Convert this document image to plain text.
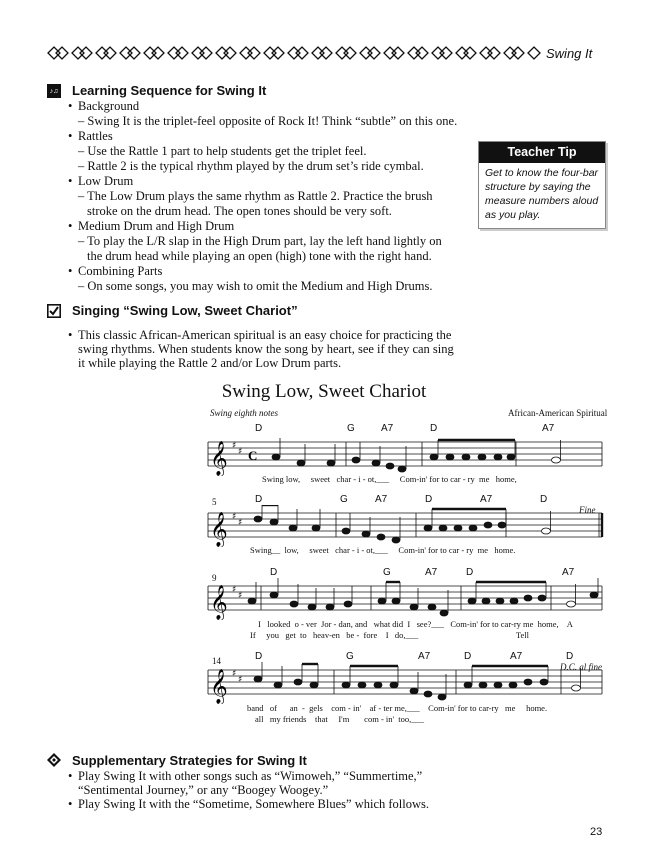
Swing It
♪♫ Learning Sequence for Swing It
• Background
– Swing It is the triplet-feel opposite of Rock It! Think “subtle” on this one.
• Rattles
– Use the Rattle 1 part to help students get the triplet feel.
– Rattle 2 is the typical rhythm played by the drum set’s ride cymbal.
• Low Drum
– The Low Drum plays the same rhythm as Rattle 2. Practice the brush
stroke on the drum head. The open tones should be very soft.
• Medium Drum and High Drum
– To play the L/R slap in the High Drum part, lay the left hand lightly on
the drum head while playing an open (high) tone with the right hand.
• Combining Parts
– On some songs, you may wish to omit the Medium and High Drums.
Teacher Tip
Get to know the four-bar
structure by saying the
measure numbers aloud
as you play.
Singing “Swing Low, Sweet Chariot”
• This classic African-American spiritual is an easy choice for practicing the
swing rhythms. When students know the song by heart, see if they can sing
it while playing the Rattle 2 and/or Low Drum parts.
Swing Low, Sweet Chariot
Swing eighth notes	African-American Spiritual
D	G	A7	D	A7
𝄞 ♯
♯ C
Swing low,     sweet   char - i - ot,___     Com-in' for to car - ry  me   home,
5	D	G	A7	D	A7	D
Fine
𝄞 ♯
♯
Swing__  low,     sweet   char - i - ot,___     Com-in' for to car - ry  me   home.
9	D	G	A7	D	A7
𝄞 ♯
♯
I   looked  o - ver  Jor - dan, and   what did  I   see?___   Com-in' for to car-ry me  home,    A
If     you   get  to   heav-en   be -  fore    I   do,___                                              Tell
14	D	G	A7	D	A7	D
D.C. al fine
𝄞 ♯
♯
band   of      an  -  gels    com - in'    af - ter me,___    Com-in' for to car-ry   me     home.
all   my friends    that     I'm       com - in'  too,___
Supplementary Strategies for Swing It
• Play Swing It with other songs such as “Wimoweh,” “Summertime,”
“Sentimental Journey,” or any “Boogey Woogey.”
• Play Swing It with the “Sometime, Somewhere Blues” which follows.
23
